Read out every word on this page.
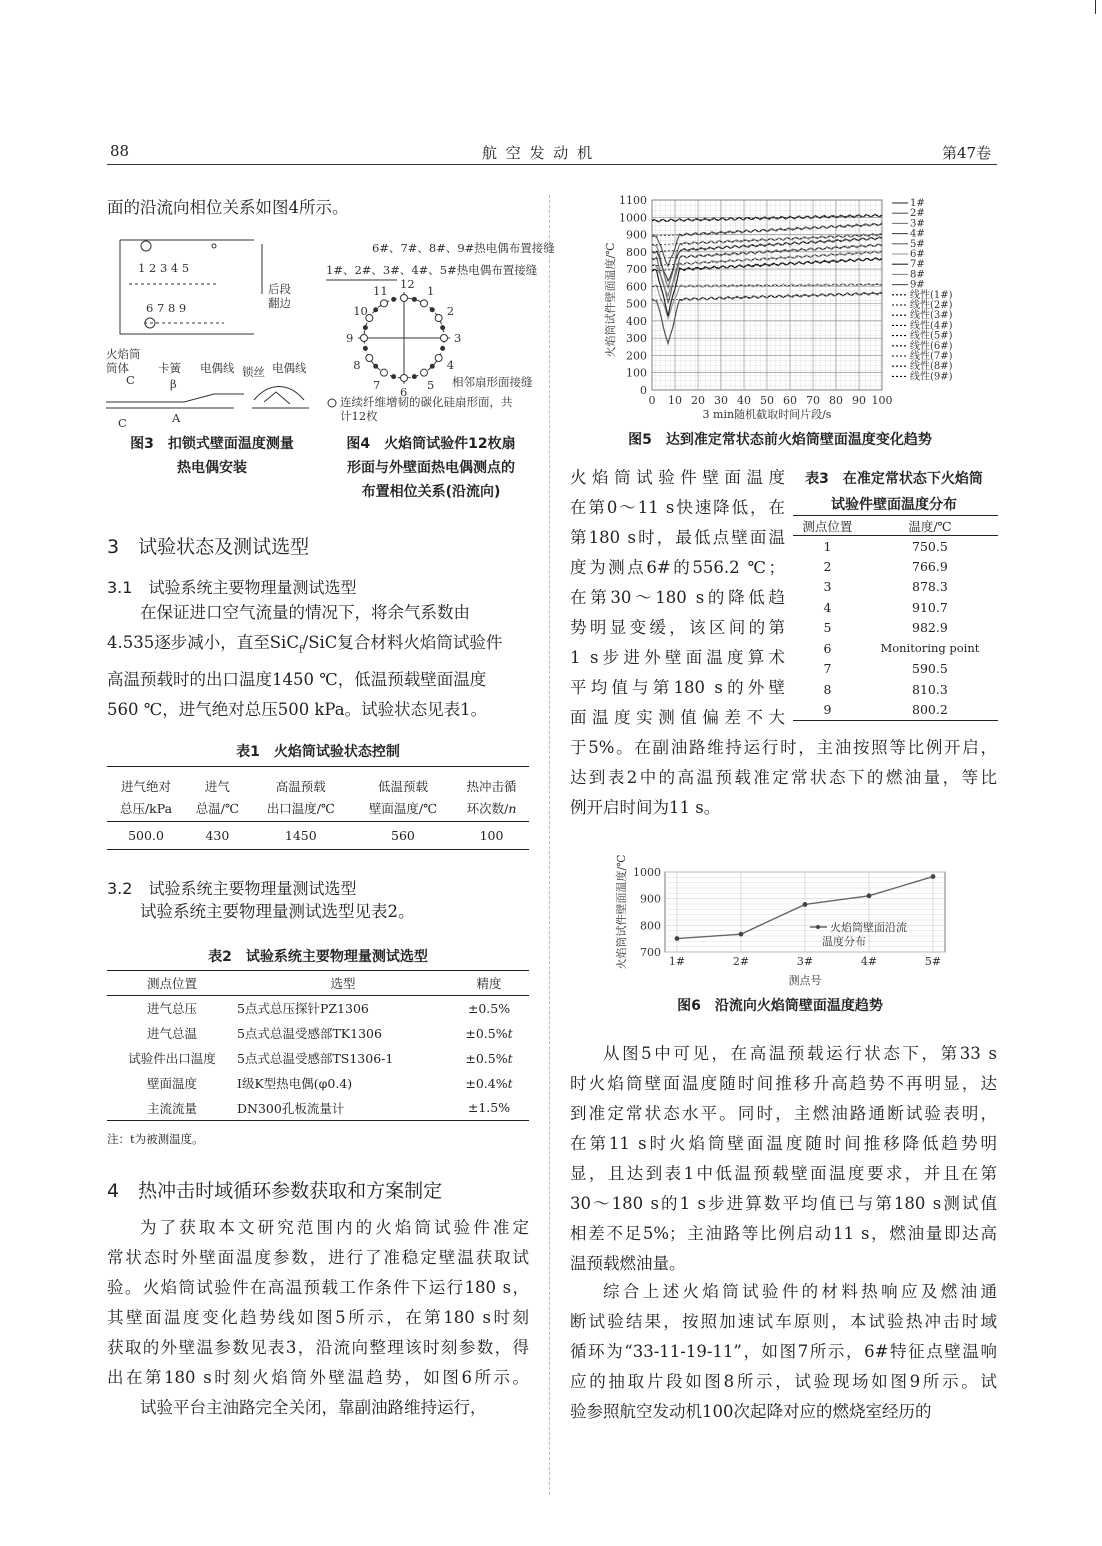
88	航 空 发 动 机	第47卷
面的沿流向相位关系如图4所示。
1 2 3 4 5
6 7 8 9
后段
翻边
火焰筒
筒体	卡簧 电偶线 锁丝 电偶线
C	β
C	A
6#、7#、8#、9#热电偶布置接缝
1#、2#、3#、4#、5#热电偶布置接缝
相邻扇形面接缝
连续纤维增韧的碳化硅扇形面，共
计12枚
12
1
2
3
4
5
6
7
8
9
10
11
图3　扣锁式壁面温度测量
热电偶安装
图4　火焰筒试验件12枚扇
形面与外壁面热电偶测点的
布置相位关系(沿流向)
3　试验状态及测试选型
3.1　试验系统主要物理量测试选型

在保证进口空气流量的情况下，将余气系数由

4.535逐步减小，直至SiC$_f$/SiC复合材料火焰筒试验件

高温预载时的出口温度1450 ℃，低温预载壁面温度

560 ℃，进气绝对总压500 kPa。试验状态见表1。

表1　火焰筒试验状态控制
进气绝对	进气	高温预载	低温预载	热冲击循
总压/kPa	总温/℃	出口温度/℃	壁面温度/℃	环次数/n
500.0	430	1450	560	100
3.2　试验系统主要物理量测试选型
试验系统主要物理量测试选型见表2。
表2　试验系统主要物理量测试选型
测点位置	选型	精度
进气总压	5点式总压探针PZ1306	±0.5%
进气总温	5点式总温受感部TK1306	±0.5%t
试验件出口温度	5点式总温受感部TS1306-1	±0.5%t
壁面温度	I级K型热电偶(φ0.4)	±0.4%t
主流流量	DN300孔板流量计	±1.5%
注：t为被测温度。
4　热冲击时域循环参数获取和方案制定

为了获取本文研究范围内的火焰筒试验件准定

常状态时外壁面温度参数，进行了准稳定壁温获取试

验。火焰筒试验件在高温预载工作条件下运行180 s，

其壁面温度变化趋势线如图5所示，在第180 s时刻

获取的外壁温参数见表3，沿流向整理该时刻参数，得

出在第180 s时刻火焰筒外壁温趋势，如图6所示。

试验平台主油路完全关闭，靠副油路维持运行，

1100
1000
900
800
700
600
500
400
300
200
100
0
0 10 20 30 40 50 60 70 80 90 100
火焰筒试件壁面温度/℃
3 min随机截取时间片段/s
1#
2#
3#
4#
5#
6#
7#
8#
9#
线性(1#)
线性(2#)
线性(3#)
线性(4#)
线性(5#)
线性(6#)
线性(7#)
线性(8#)
线性(9#)
图5　达到准定常状态前火焰筒壁面温度变化趋势

火焰筒试验件壁面温度

在第0～11 s快速降低，在

第180 s时，最低点壁面温

度为测点6#的556.2 ℃；

在第30～180 s的降低趋

势明显变缓，该区间的第

1 s步进外壁面温度算术

平均值与第180 s的外壁

面温度实测值偏差不大

表3　在准定常状态下火焰筒
试验件壁面温度分布
测点位置	温度/℃
1	750.5
2	766.9
3	878.3
4	910.7
5	982.9
6	Monitoring point
7	590.5
8	810.3
9	800.2

于5%。在副油路维持运行时，主油按照等比例开启，

达到表2中的高温预载准定常状态下的燃油量，等比

例开启时间为11 s。

1000
900
800
700
1#	2#	3#	4#	5#
火焰筒壁面沿流
温度分布
火焰筒试件壁面温度/℃
测点号
图6　沿流向火焰筒壁面温度趋势

从图5中可见，在高温预载运行状态下，第33 s

时火焰筒壁面温度随时间推移升高趋势不再明显，达

到准定常状态水平。同时，主燃油路通断试验表明，

在第11 s时火焰筒壁面温度随时间推移降低趋势明

显，且达到表1中低温预载壁面温度要求，并且在第

30～180 s的1 s步进算数平均值已与第180 s测试值

相差不足5%；主油路等比例启动11 s，燃油量即达高

温预载燃油量。

综合上述火焰筒试验件的材料热响应及燃油通

断试验结果，按照加速试车原则，本试验热冲击时域

循环为“33-11-19-11”，如图7所示，6#特征点壁温响

应的抽取片段如图8所示，试验现场如图9所示。试

验参照航空发动机100次起降对应的燃烧室经历的
